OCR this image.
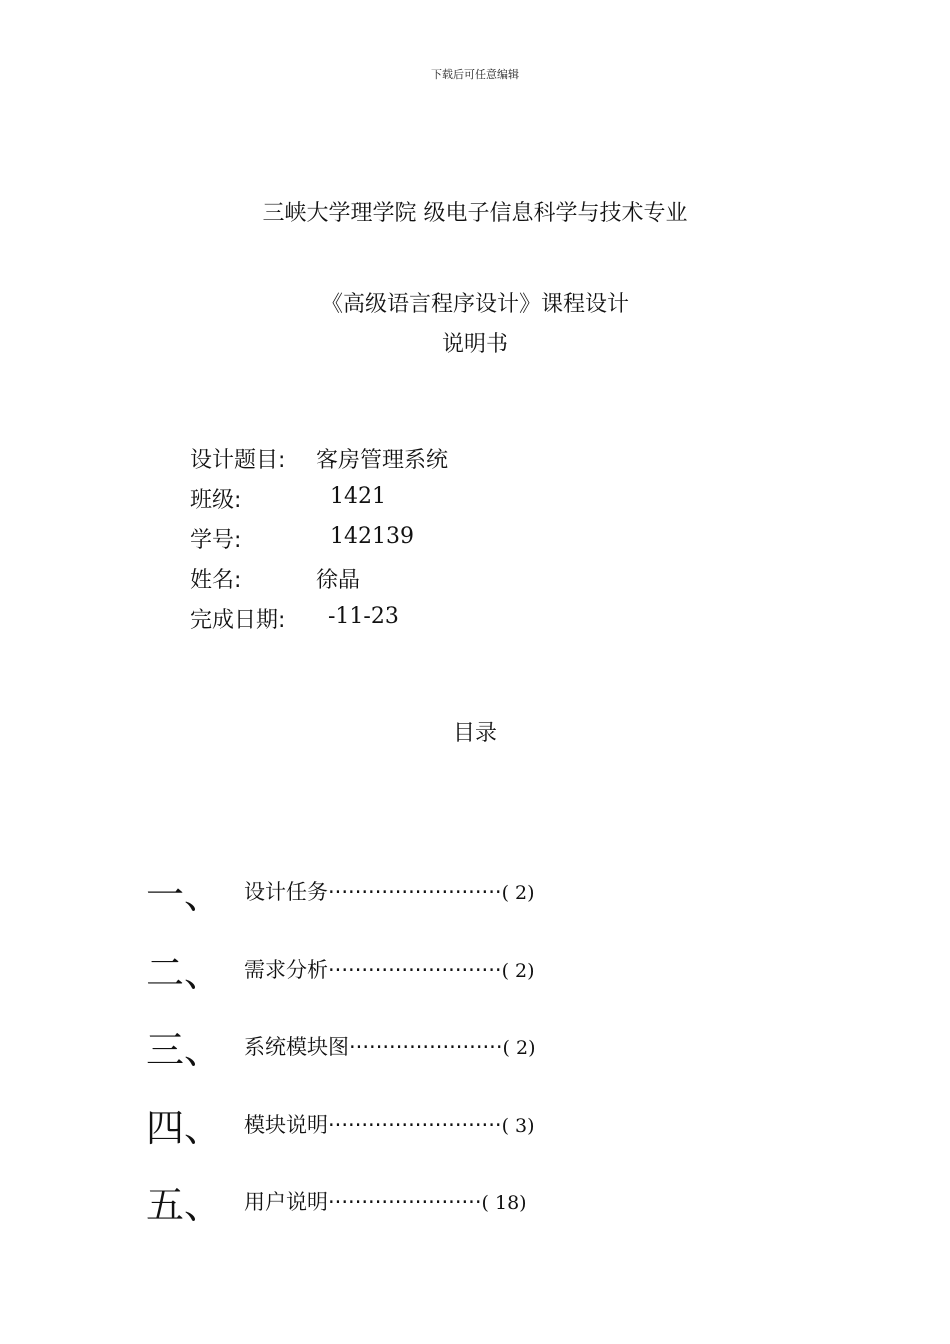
下载后可任意编辑
三峡大学理学院 级电子信息科学与技术专业
《高级语言程序设计》课程设计
说明书
设计题目: 客房管理系统
班级:	1421
学号:	142139
姓名:	徐晶
完成日期: -11-23
目录
一、 设计任务··························( 2)
二、 需求分析··························( 2)
三、 系统模块图·······················( 2)
四、 模块说明··························( 3)
五、 用户说明·······················( 18)
